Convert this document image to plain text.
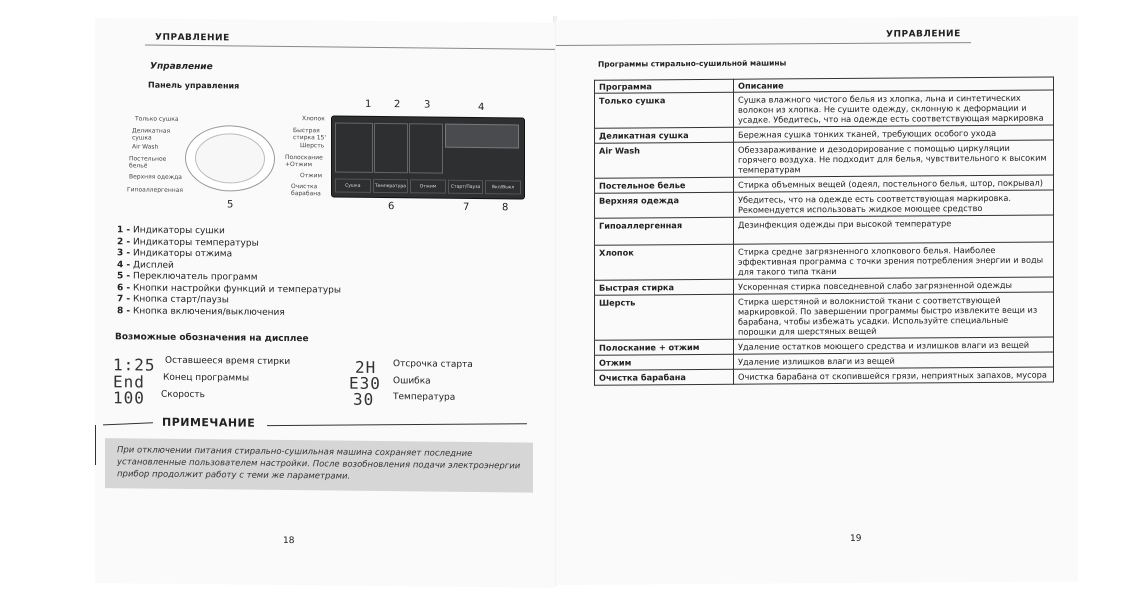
УПРАВЛЕНИЕ
Управление
Панель управления
1 2 3	4
Только сушка
Деликатная сушка
Air Wash
Постельное бельё
Верхняя одежда
Гипоаллергенная
Хлопок
Быстрая стирка 15'
Шерсть
Полоскание +Отжим
Отжим
Очистка барабана
Сушка	Температура	Отжим	Старт/Пауза	Вкл/Выкл
5	6	7	8
1 - Индикаторы сушки
2 - Индикаторы температуры
3 - Индикаторы отжима
4 - Дисплей
5 - Переключатель программ
6 - Кнопки настройки функций и температуры
7 - Кнопка старт/паузы
8 - Кнопка включения/выключения
Возможные обозначения на дисплее
1:25 Оставшееся время стирки
End Конец программы
100 Скорость
2H Отсрочка старта
E30 Ошибка
30 Температура
ПРИМЕЧАНИЕ
При отключении питания стирально-сушильная машина сохраняет последние установленные пользователем настройки. После возобновления подачи электроэнергии прибор продолжит работу с теми же параметрами.
18
УПРАВЛЕНИЕ
Программы стирально-сушильной машины
Программа	Описание
Только сушка	Сушка влажного чистого белья из хлопка, льна и синтетических волокон из хлопка. Не сушите одежду, склонную к деформации и усадке. Убедитесь, что на одежде есть соответствующая маркировка
Деликатная сушка	Бережная сушка тонких тканей, требующих особого ухода
Air Wash	Обеззараживание и дезодорирование с помощью циркуляции горячего воздуха. Не подходит для белья, чувствительного к высоким температурам
Постельное белье	Стирка объемных вещей (одеял, постельного белья, штор, покрывал)
Верхняя одежда	Убедитесь, что на одежде есть соответствующая маркировка. Рекомендуется использовать жидкое моющее средство
Гипоаллергенная	Дезинфекция одежды при высокой температуре
Хлопок	Стирка средне загрязненного хлопкового белья. Наиболее эффективная программа с точки зрения потребления энергии и воды для такого типа ткани
Быстрая стирка	Ускоренная стирка повседневной слабо загрязненной одежды
Шерсть	Стирка шерстяной и волокнистой ткани с соответствующей маркировкой. По завершении программы быстро извлеките вещи из барабана, чтобы избежать усадки. Используйте специальные порошки для шерстяных вещей
Полоскание + отжим	Удаление остатков моющего средства и излишков влаги из вещей
Отжим	Удаление излишков влаги из вещей
Очистка барабана	Очистка барабана от скопившейся грязи, неприятных запахов, мусора
19
